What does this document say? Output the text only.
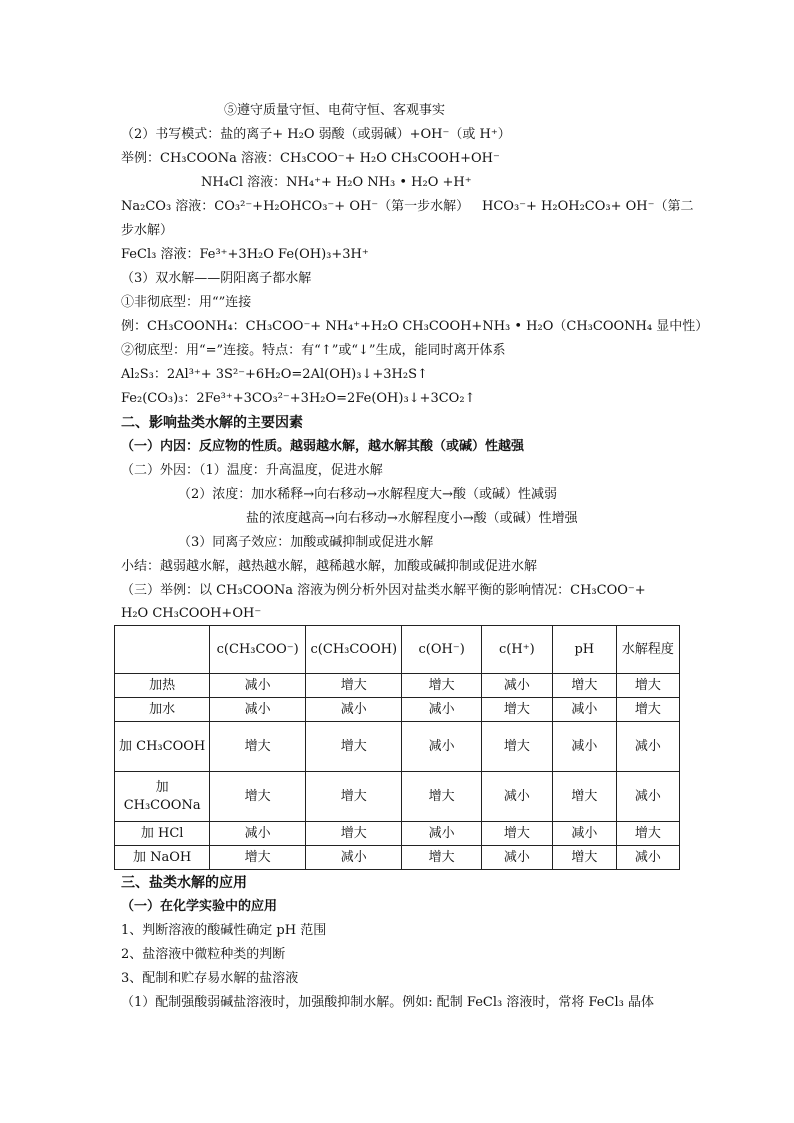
⑤遵守质量守恒、电荷守恒、客观事实
（2）书写模式：盐的离子+ H₂O 弱酸（或弱碱）+OH⁻（或 H⁺）
举例：CH₃COONa 溶液：CH₃COO⁻+ H₂O CH₃COOH+OH⁻
NH₄Cl 溶液：NH₄⁺+ H₂O NH₃ • H₂O +H⁺
Na₂CO₃ 溶液：CO₃²⁻+H₂OHCO₃⁻+ OH⁻（第一步水解） HCO₃⁻+ H₂OH₂CO₃+ OH⁻（第二
步水解）
FeCl₃ 溶液：Fe³⁺+3H₂O Fe(OH)₃+3H⁺
（3）双水解——阴阳离子都水解
①非彻底型：用“”连接
例：CH₃COONH₄：CH₃COO⁻+ NH₄⁺+H₂O CH₃COOH+NH₃ • H₂O（CH₃COONH₄ 显中性）
②彻底型：用“=”连接。特点：有“↑”或“↓”生成，能同时离开体系
Al₂S₃：2Al³⁺+ 3S²⁻+6H₂O=2Al(OH)₃↓+3H₂S↑
Fe₂(CO₃)₃：2Fe³⁺+3CO₃²⁻+3H₂O=2Fe(OH)₃↓+3CO₂↑
二、影响盐类水解的主要因素
（一）内因：反应物的性质。越弱越水解，越水解其酸（或碱）性越强
（二）外因：（1）温度：升高温度，促进水解
（2）浓度：加水稀释→向右移动→水解程度大→酸（或碱）性减弱
盐的浓度越高→向右移动→水解程度小→酸（或碱）性增强
（3）同离子效应：加酸或碱抑制或促进水解
小结：越弱越水解，越热越水解，越稀越水解，加酸或碱抑制或促进水解
（三）举例：以 CH₃COONa 溶液为例分析外因对盐类水解平衡的影响情况：CH₃COO⁻+
H₂O CH₃COOH+OH⁻
	c(CH₃COO⁻)	c(CH₃COOH)	c(OH⁻)	c(H⁺)	pH	水解程度
加热	减小	增大	增大	减小	增大	增大
加水	减小	减小	减小	增大	减小	增大
加 CH₃COOH	增大	增大	减小	增大	减小	减小
加 CH₃COONa	增大	增大	增大	减小	增大	减小
加 HCl	减小	增大	减小	增大	减小	增大
加 NaOH	增大	减小	增大	减小	增大	减小
三、盐类水解的应用
（一）在化学实验中的应用
1、判断溶液的酸碱性确定 pH 范围
2、盐溶液中微粒种类的判断
3、配制和贮存易水解的盐溶液
（1）配制强酸弱碱盐溶液时，加强酸抑制水解。例如: 配制 FeCl₃ 溶液时，常将 FeCl₃ 晶体
